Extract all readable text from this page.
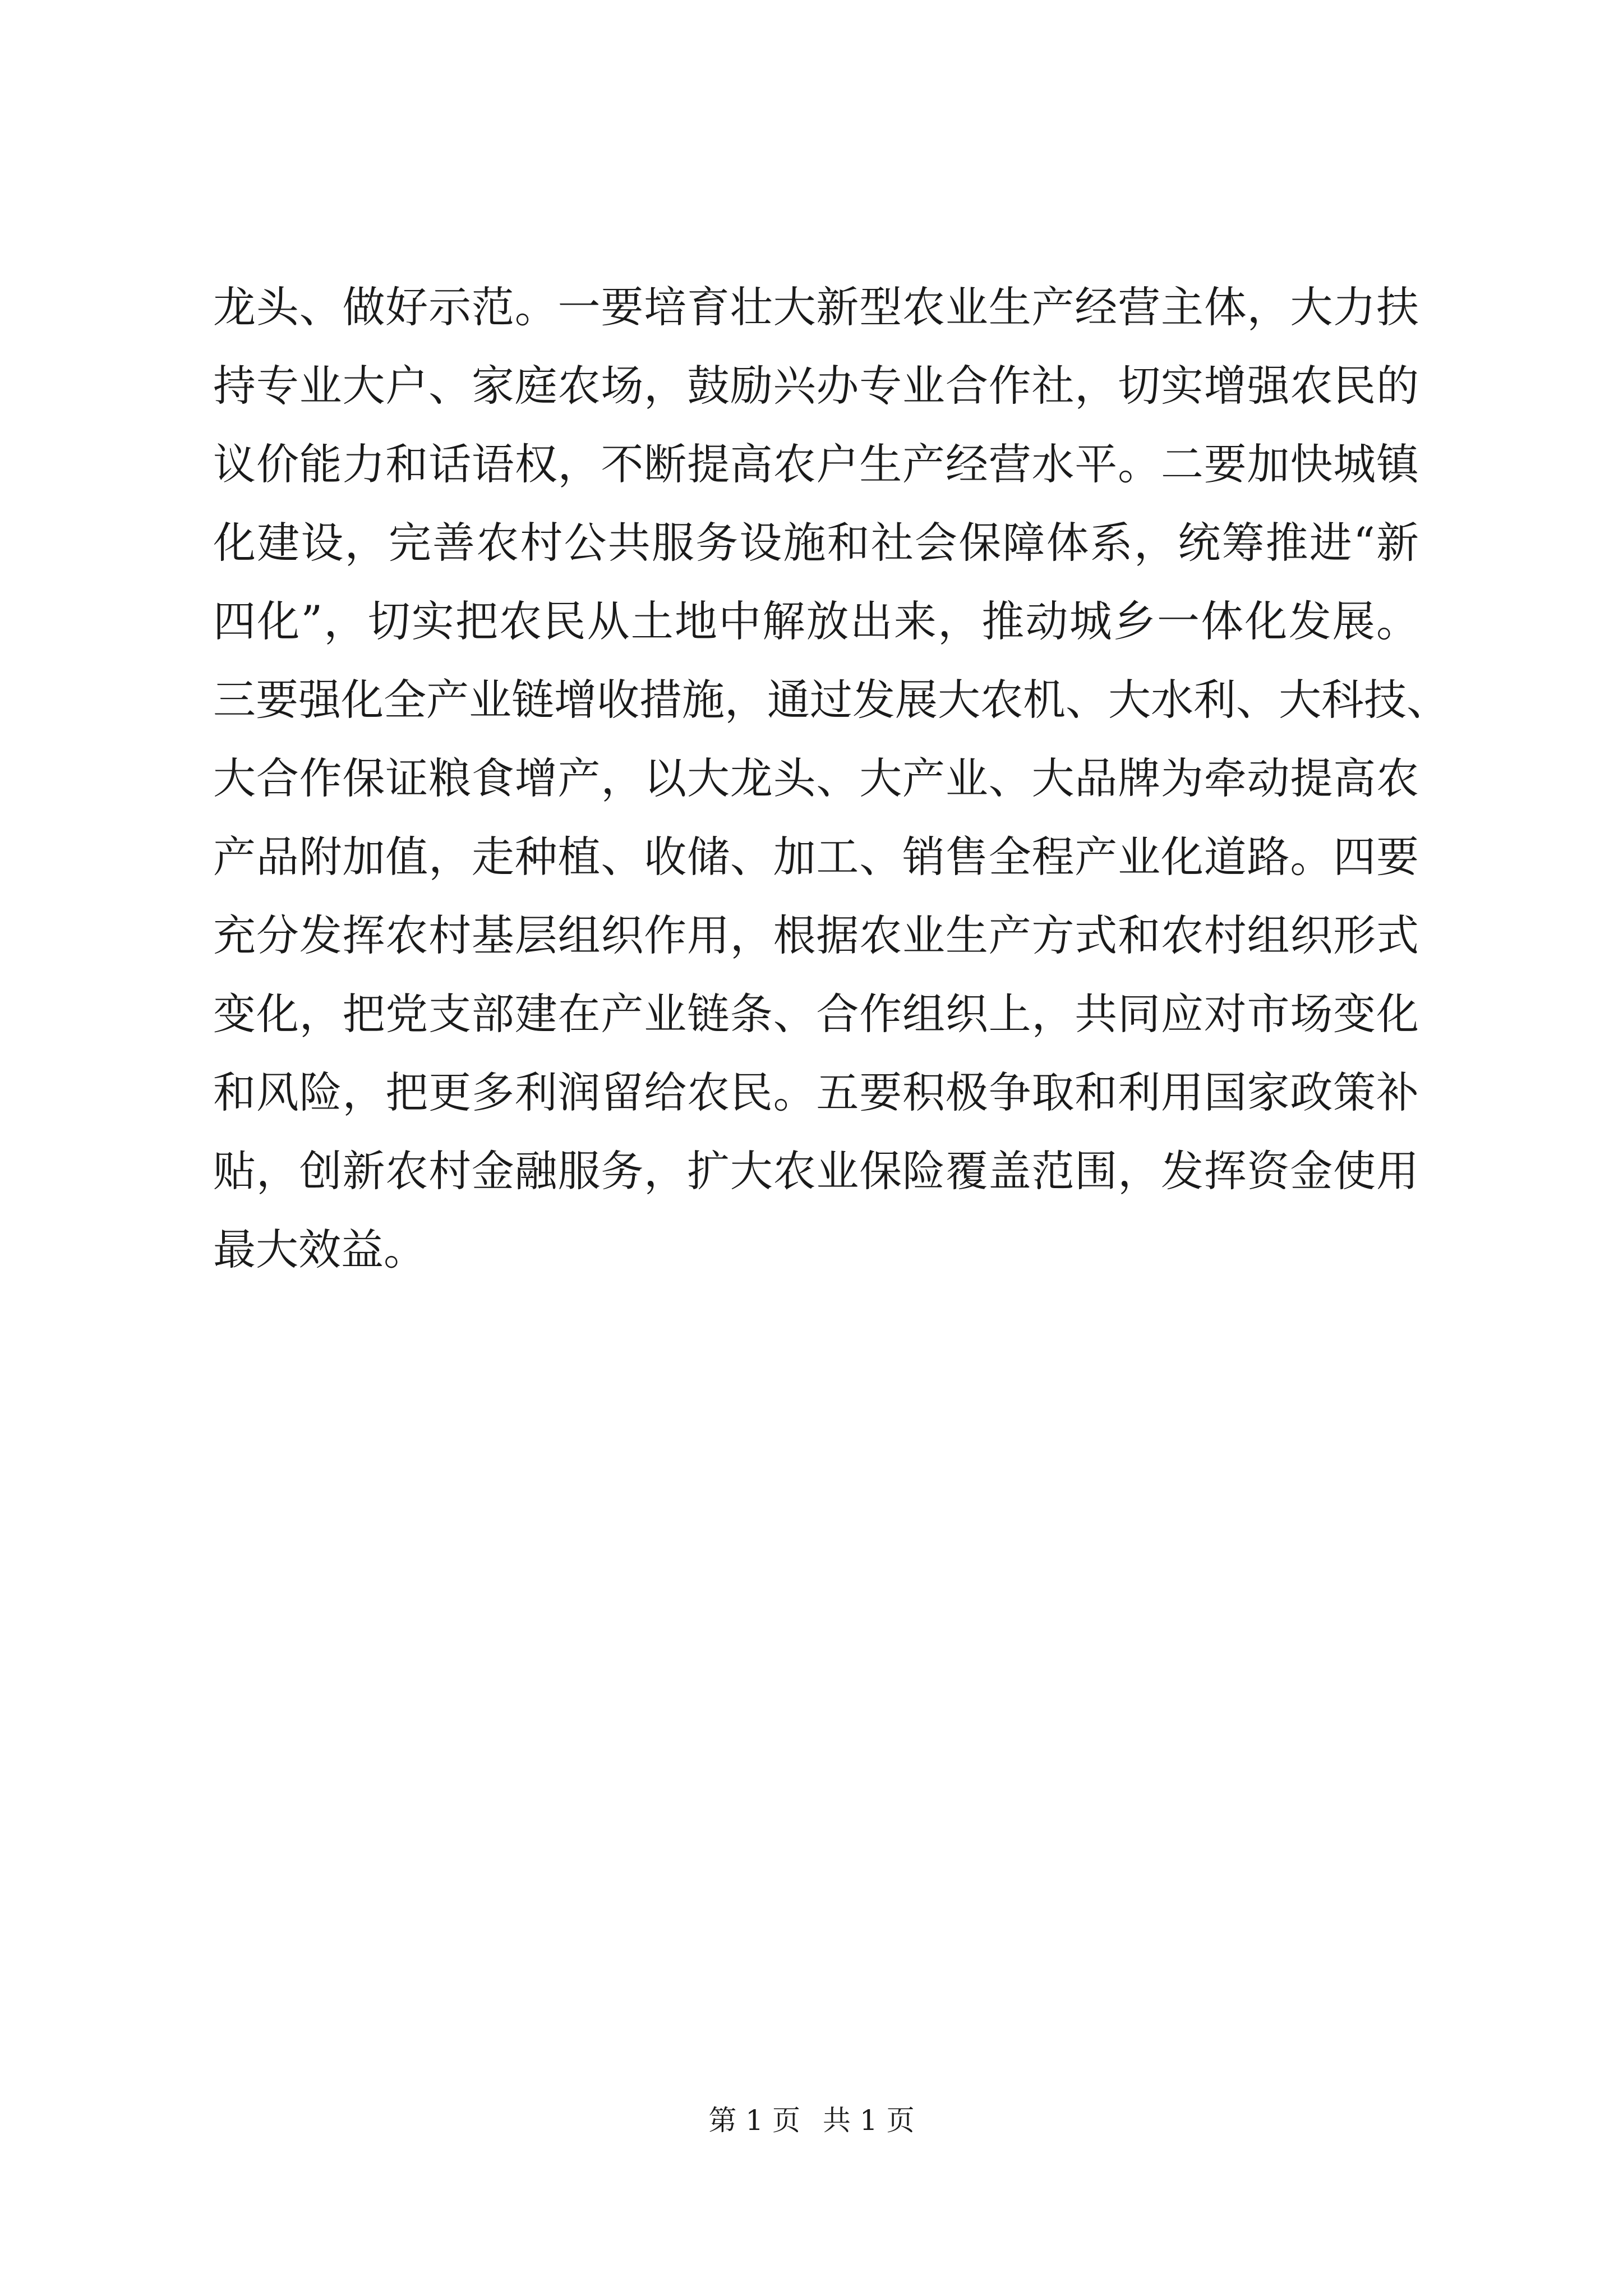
龙头、做好示范。一要培育壮大新型农业生产经营主体，大力扶
持专业大户、家庭农场，鼓励兴办专业合作社，切实增强农民的
议价能力和话语权，不断提高农户生产经营水平。二要加快城镇
化建设，完善农村公共服务设施和社会保障体系，统筹推进“新
四化”，切实把农民从土地中解放出来，推动城乡一体化发展。
三要强化全产业链增收措施，通过发展大农机、大水利、大科技、
大合作保证粮食增产，以大龙头、大产业、大品牌为牵动提高农
产品附加值，走种植、收储、加工、销售全程产业化道路。四要
充分发挥农村基层组织作用，根据农业生产方式和农村组织形式
变化，把党支部建在产业链条、合作组织上，共同应对市场变化
和风险，把更多利润留给农民。五要积极争取和利用国家政策补
贴，创新农村金融服务，扩大农业保险覆盖范围，发挥资金使用
最大效益。
第 1 页 共 1 页
